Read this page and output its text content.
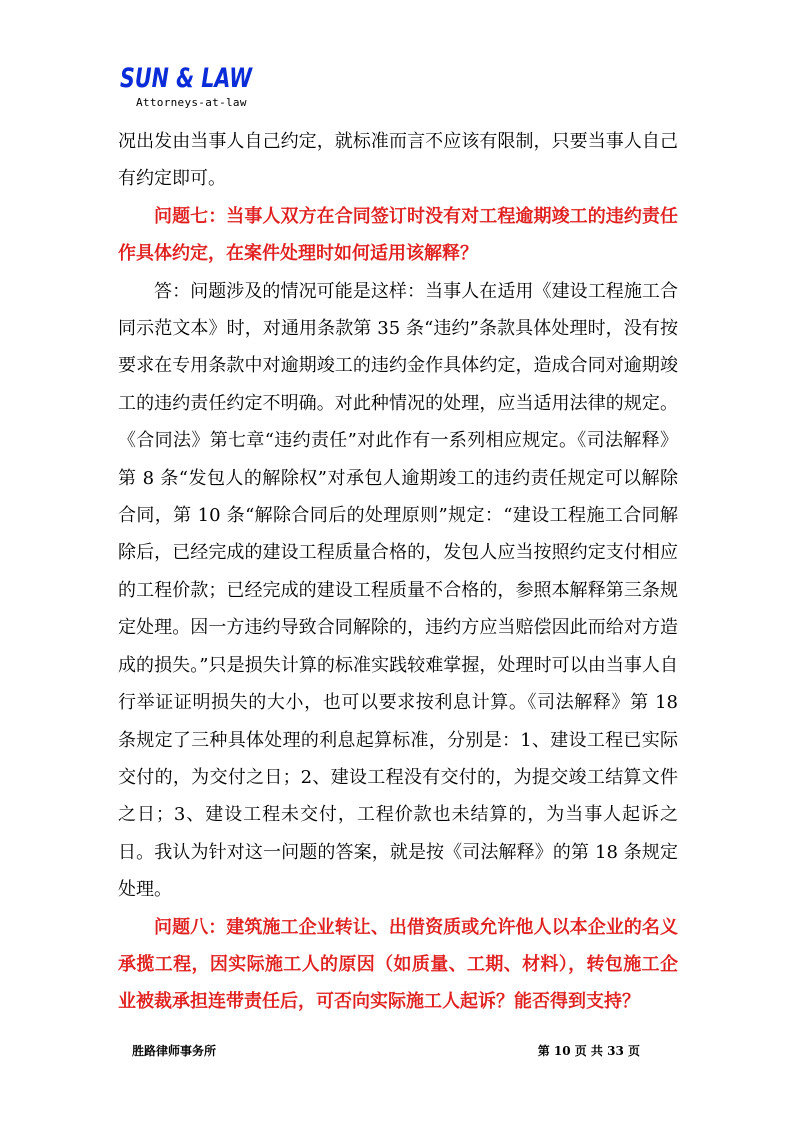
SUN & LAW
Attorneys-at-law

况出发由当事人自己约定，就标准而言不应该有限制，只要当事人自己有约定即可。

问题七：当事人双方在合同签订时没有对工程逾期竣工的违约责任作具体约定，在案件处理时如何适用该解释？

答：问题涉及的情况可能是这样：当事人在适用《建设工程施工合同示范文本》时，对通用条款第 35 条“违约”条款具体处理时，没有按要求在专用条款中对逾期竣工的违约金作具体约定，造成合同对逾期竣工的违约责任约定不明确。对此种情况的处理，应当适用法律的规定。《合同法》第七章“违约责任”对此作有一系列相应规定。《司法解释》第 8 条“发包人的解除权”对承包人逾期竣工的违约责任规定可以解除合同，第 10 条“解除合同后的处理原则”规定：“建设工程施工合同解除后，已经完成的建设工程质量合格的，发包人应当按照约定支付相应的工程价款；已经完成的建设工程质量不合格的，参照本解释第三条规定处理。因一方违约导致合同解除的，违约方应当赔偿因此而给对方造成的损失。”只是损失计算的标准实践较难掌握，处理时可以由当事人自行举证证明损失的大小，也可以要求按利息计算。《司法解释》第 18 条规定了三种具体处理的利息起算标准，分别是：1、建设工程已实际交付的，为交付之日；2、建设工程没有交付的，为提交竣工结算文件之日；3、建设工程未交付，工程价款也未结算的，为当事人起诉之日。我认为针对这一问题的答案，就是按《司法解释》的第 18 条规定处理。

问题八：建筑施工企业转让、出借资质或允许他人以本企业的名义承揽工程，因实际施工人的原因（如质量、工期、材料），转包施工企业被裁承担连带责任后，可否向实际施工人起诉？能否得到支持？

胜路律师事务所	第 10 页 共 33 页
